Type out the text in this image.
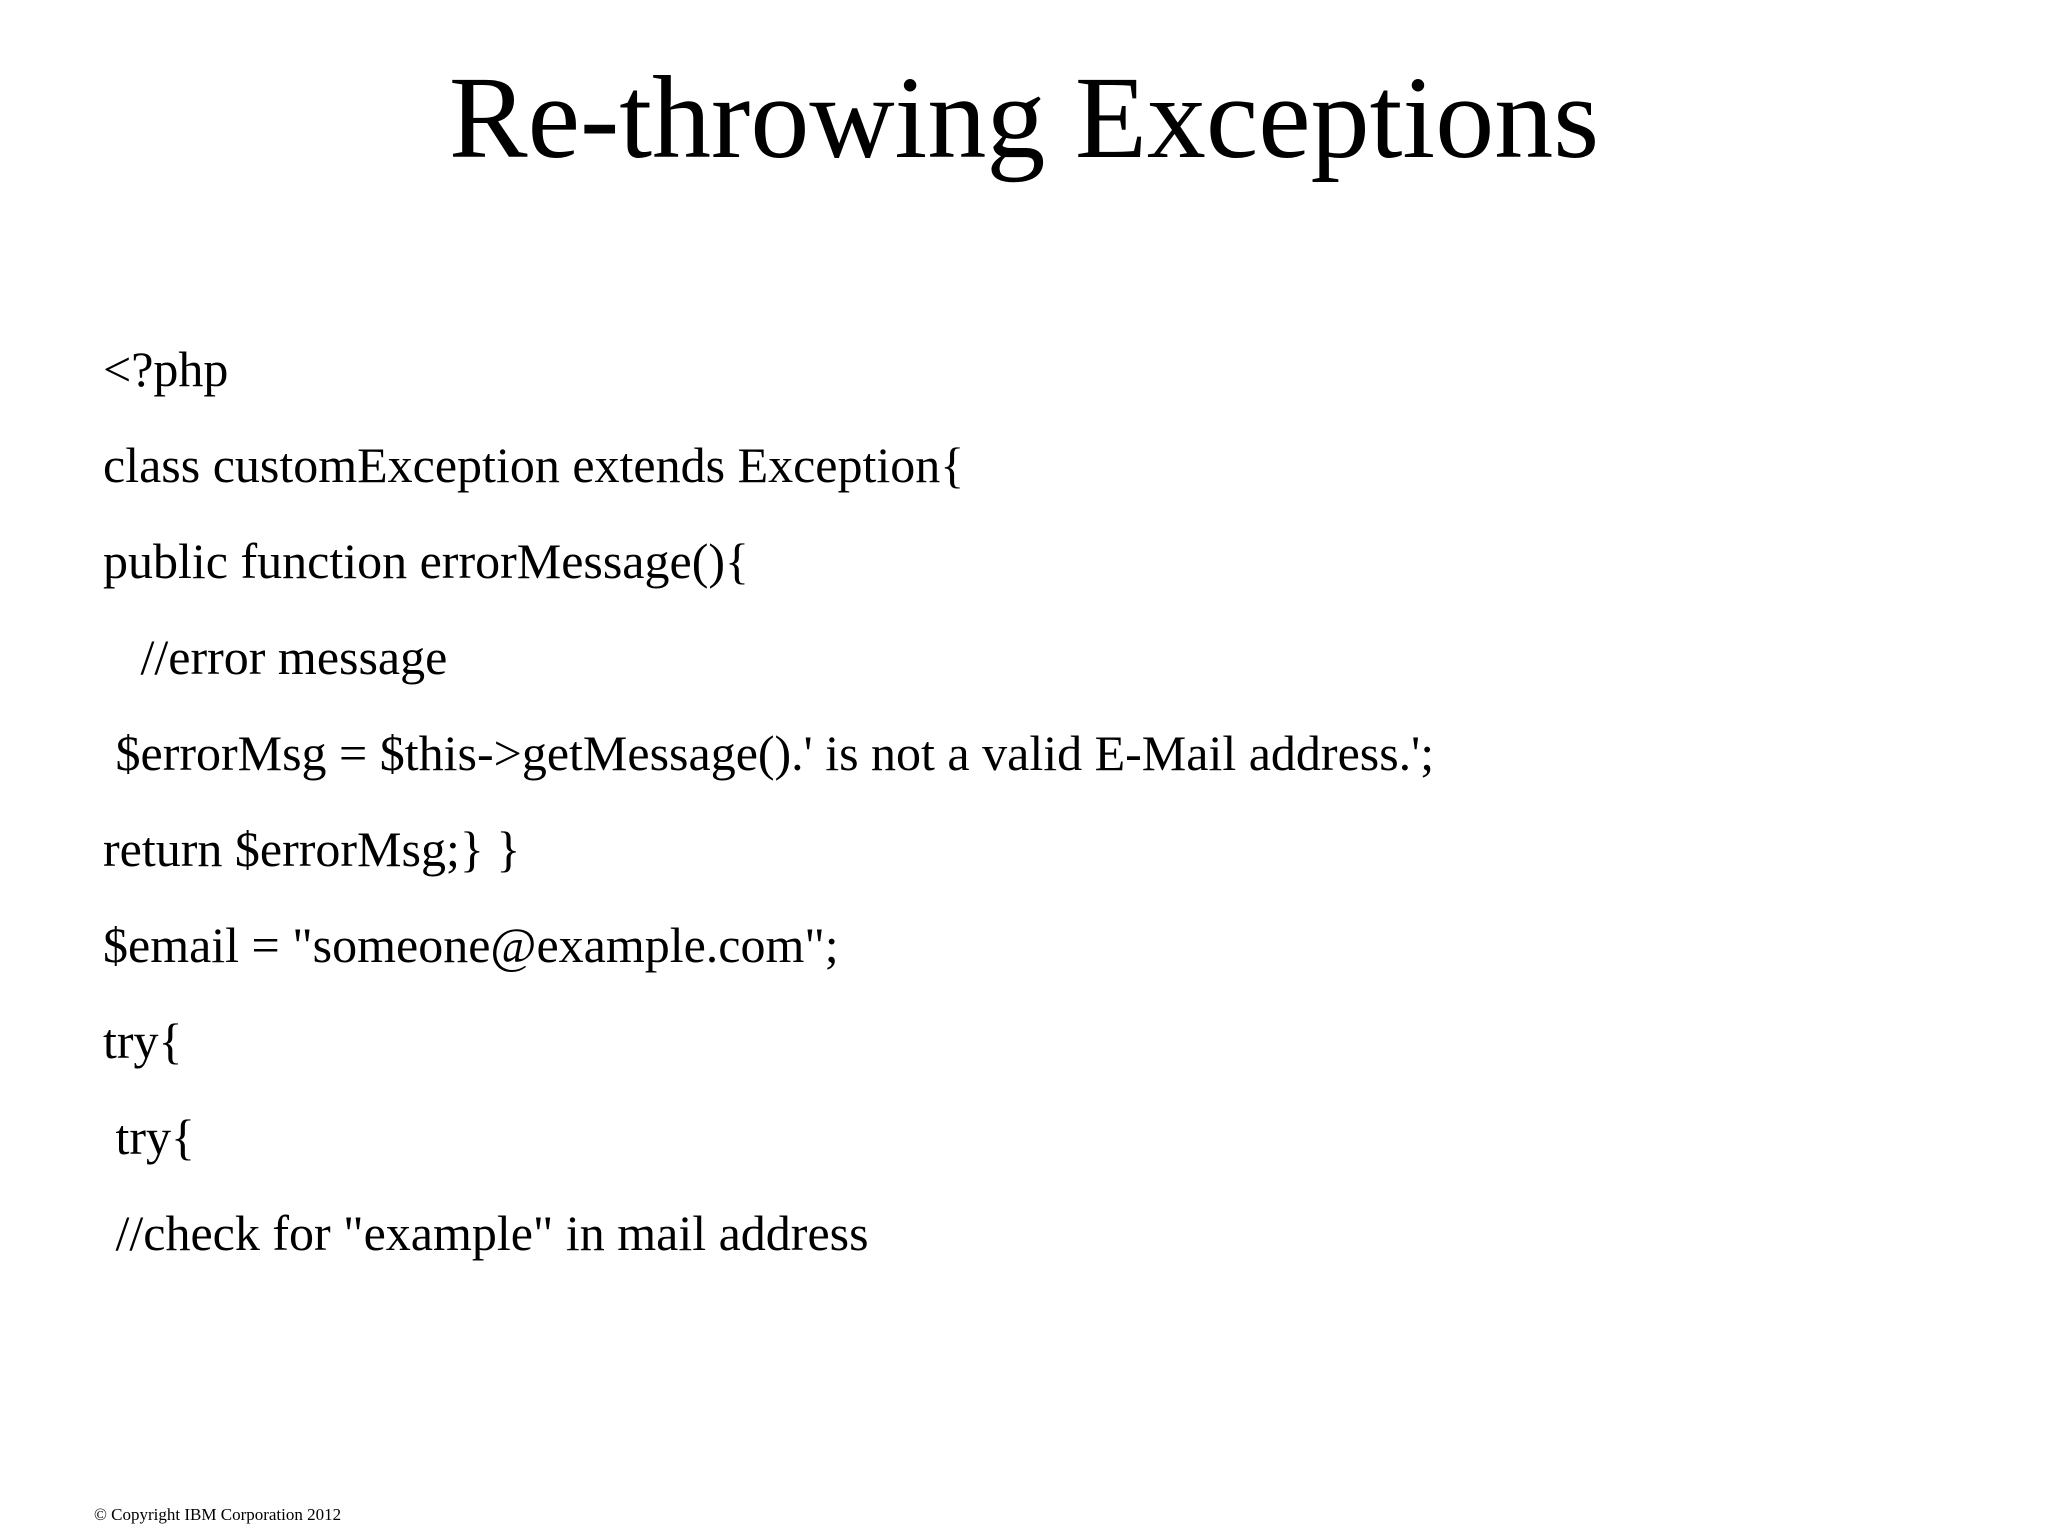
Re-throwing Exceptions
<?php
class customException extends Exception{
public function errorMessage(){
//error message
$errorMsg = $this->getMessage().' is not a valid E-Mail address.';
return $errorMsg;} }
$email = "someone@example.com";
try{
try{
//check for "example" in mail address
© Copyright IBM Corporation 2012
